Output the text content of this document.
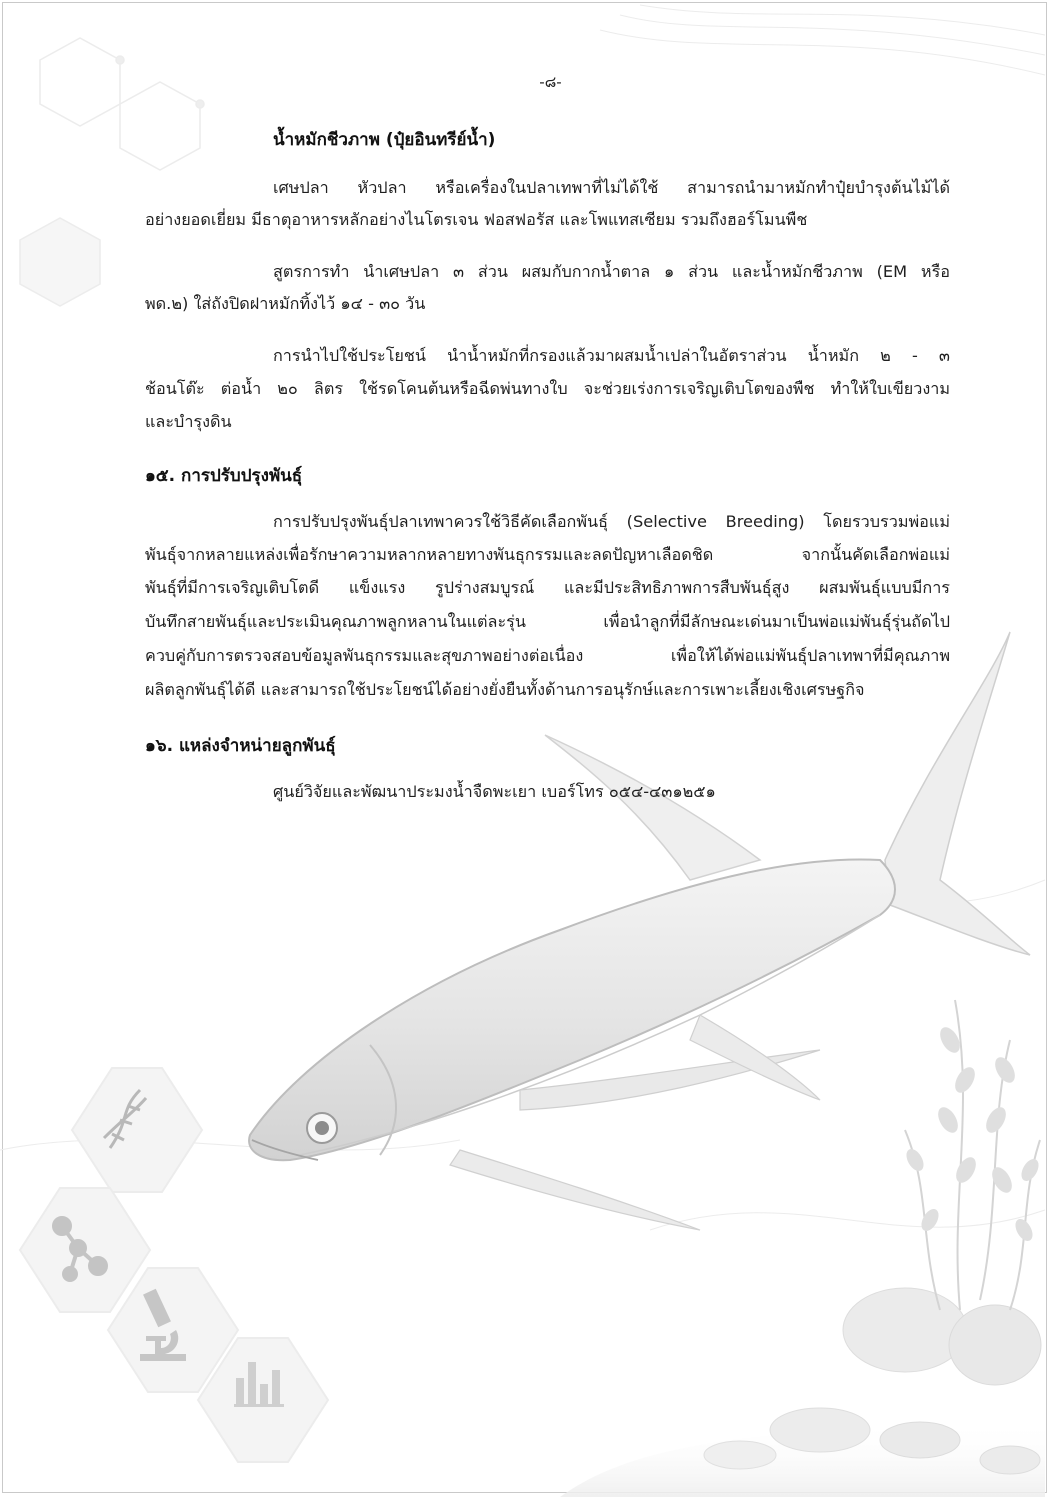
-๘-
น้ำหมักชีวภาพ (ปุ๋ยอินทรีย์น้ำ)
เศษปลา หัวปลา หรือเครื่องในปลาเทพาที่ไม่ได้ใช้ สามารถนำมาหมักทำปุ๋ยบำรุงต้นไม้ได้
อย่างยอดเยี่ยม มีธาตุอาหารหลักอย่างไนโตรเจน ฟอสฟอรัส และโพแทสเซียม รวมถึงฮอร์โมนพืช
สูตรการทำ นำเศษปลา ๓ ส่วน ผสมกับกากน้ำตาล ๑ ส่วน และน้ำหมักชีวภาพ (EM หรือ
พด.๒) ใส่ถังปิดฝาหมักทิ้งไว้ ๑๔ - ๓๐ วัน
การนำไปใช้ประโยชน์ นำน้ำหมักที่กรองแล้วมาผสมน้ำเปล่าในอัตราส่วน น้ำหมัก ๒ - ๓
ช้อนโต๊ะ ต่อน้ำ ๒๐ ลิตร ใช้รดโคนต้นหรือฉีดพ่นทางใบ จะช่วยเร่งการเจริญเติบโตของพืช ทำให้ใบเขียวงาม
และบำรุงดิน
๑๕. การปรับปรุงพันธุ์
การปรับปรุงพันธุ์ปลาเทพาควรใช้วิธีคัดเลือกพันธุ์ (Selective Breeding) โดยรวบรวมพ่อแม่
พันธุ์จากหลายแหล่งเพื่อรักษาความหลากหลายทางพันธุกรรมและลดปัญหาเลือดชิด จากนั้นคัดเลือกพ่อแม่
พันธุ์ที่มีการเจริญเติบโตดี แข็งแรง รูปร่างสมบูรณ์ และมีประสิทธิภาพการสืบพันธุ์สูง ผสมพันธุ์แบบมีการ
บันทึกสายพันธุ์และประเมินคุณภาพลูกหลานในแต่ละรุ่น เพื่อนำลูกที่มีลักษณะเด่นมาเป็นพ่อแม่พันธุ์รุ่นถัดไป
ควบคู่กับการตรวจสอบข้อมูลพันธุกรรมและสุขภาพอย่างต่อเนื่อง เพื่อให้ได้พ่อแม่พันธุ์ปลาเทพาที่มีคุณภาพ
ผลิตลูกพันธุ์ได้ดี และสามารถใช้ประโยชน์ได้อย่างยั่งยืนทั้งด้านการอนุรักษ์และการเพาะเลี้ยงเชิงเศรษฐกิจ
๑๖. แหล่งจำหน่ายลูกพันธุ์
ศูนย์วิจัยและพัฒนาประมงน้ำจืดพะเยา เบอร์โทร ๐๕๔-๔๓๑๒๕๑
